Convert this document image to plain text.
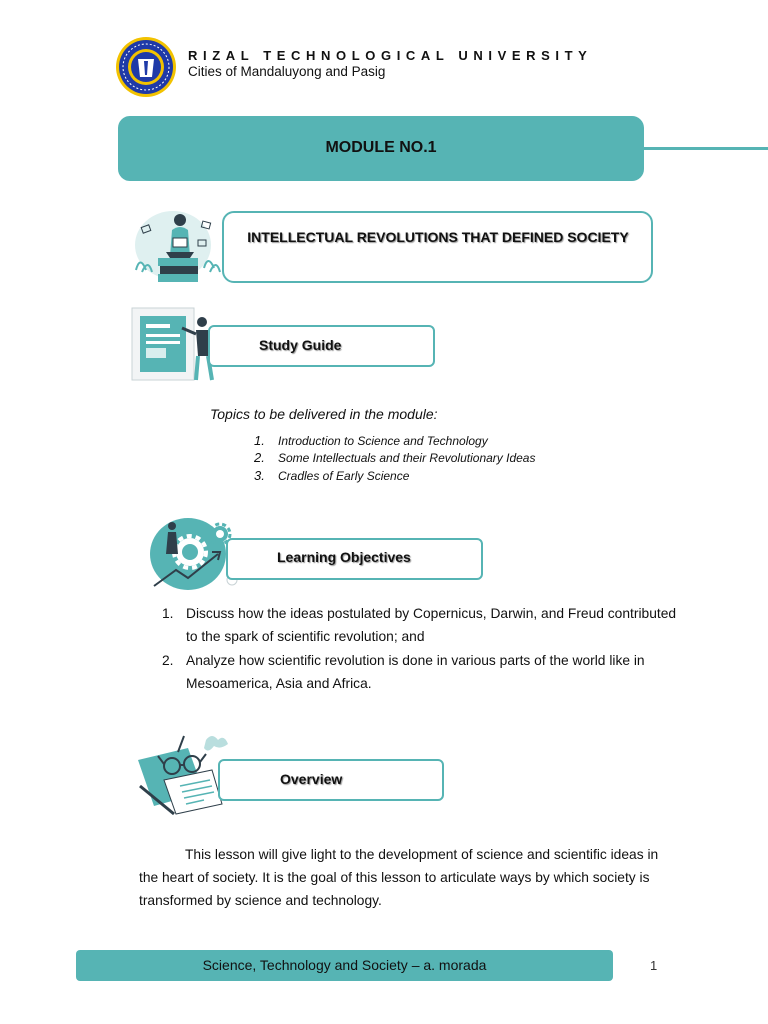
RIZAL TECHNOLOGICAL UNIVERSITY
Cities of Mandaluyong and Pasig
MODULE NO.1
INTELLECTUAL REVOLUTIONS THAT DEFINED SOCIETY
Study Guide
Topics to be delivered in the module:
1. Introduction to Science and Technology
2. Some Intellectuals and their Revolutionary Ideas
3. Cradles of Early Science
Learning Objectives
1. Discuss how the ideas postulated by Copernicus, Darwin, and Freud contributed to the spark of scientific revolution; and
2. Analyze how scientific revolution is done in various parts of the world like in Mesoamerica, Asia and Africa.
Overview
This lesson will give light to the development of science and scientific ideas in the heart of society. It is the goal of this lesson to articulate ways by which society is transformed by science and technology.
Science, Technology and Society – a. morada	1
